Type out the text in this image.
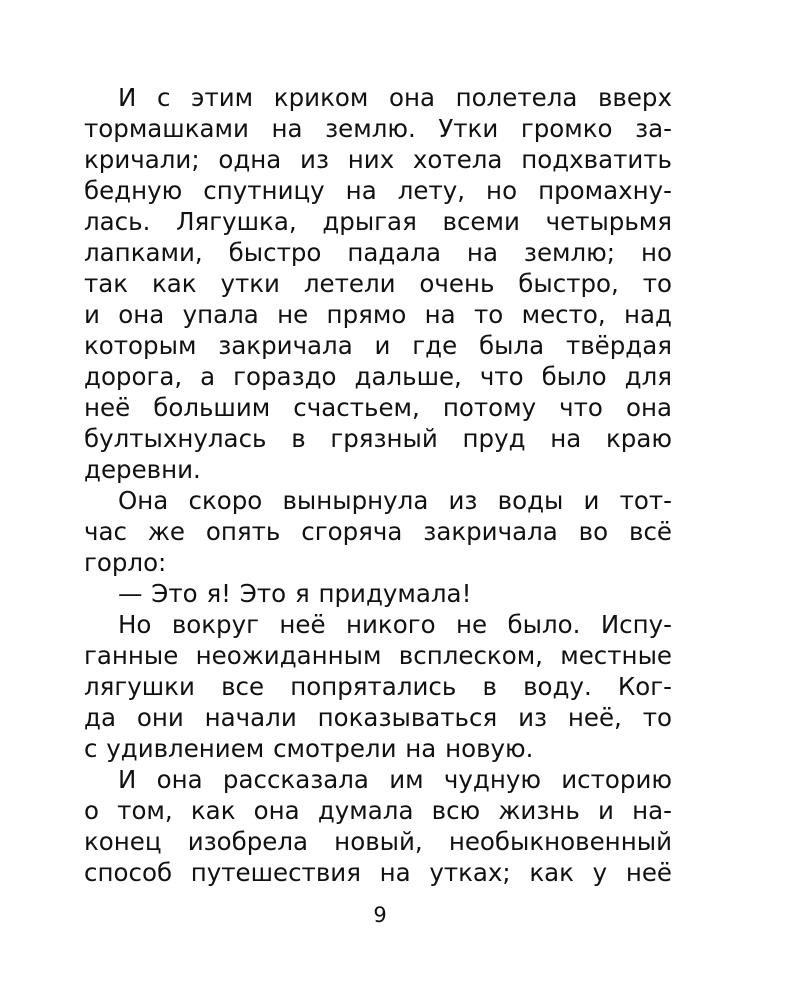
И с этим криком она полетела вверх
тормашками на землю. Утки громко за-
кричали; одна из них хотела подхватить
бедную спутницу на лету, но промахну-
лась. Лягушка, дрыгая всеми четырьмя
лапками, быстро падала на землю; но
так как утки летели очень быстро, то
и она упала не прямо на то место, над
которым закричала и где была твёрдая
дорога, а гораздо дальше, что было для
неё большим счастьем, потому что она
бултыхнулась в грязный пруд на краю
деревни.
Она скоро вынырнула из воды и тот-
час же опять сгоряча закричала во всё
горло:
— Это я! Это я придумала!
Но вокруг неё никого не было. Испу-
ганные неожиданным всплеском, местные
лягушки все попрятались в воду. Ког-
да они начали показываться из неё, то
с удивлением смотрели на новую.
И она рассказала им чудную историю
о том, как она думала всю жизнь и на-
конец изобрела новый, необыкновенный
способ путешествия на утках; как у неё
9
